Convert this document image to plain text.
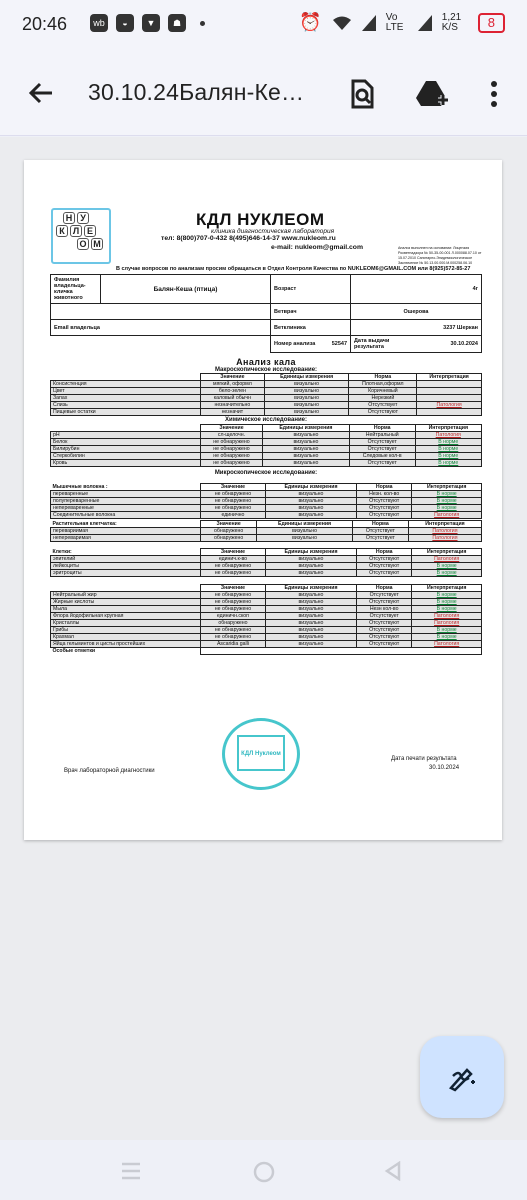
20:46	wb	◒	▼	☗	⏰	Vo LTE
1,21 K/S	8
30.10.24Балян-Ке…
Н У
К Л Е
О М
КДЛ НУКЛЕОМ
клиника диагностическая лаборатория
тел: 8(800)707-0-432 8(495)646-14-37 www.nukleom.ru
e-mail: nukleom@gmail.com	Анализ выполнен на основании: Лицензия Росветнадзора № 50-35-00-001 Л.000088.07.10 от 15.07.2010 Санитарно-Эпидемиологическое Заключение № 50.13.00.000.М.000258.06.10
В случае вопросов по анализам просим обращаться в Отдел Контроля Качества по NUKLEOM6@GMAIL.COM или 8(925)572-85-27
Фамилия владельца-кличка животного	Балян-Кеша (птица)	Возраст	4г
		Ветврач	Ошерова
Email владельца		Ветклиника	3237 Шеркан
		Номер анализа 52547	Дата выдачи результата 30.10.2024
Анализ кала
Макроскопическое исследование:
	Значение	Единицы измерения	Норма	Интерпретация
Консистенция	мягкий, оформл	визуально	Плотная,оформл	
Цвет	бело-зелен	визуально	Коричневый	
Запах	каловый обычн	визуально	Нерезкий	
Слизь	незначительно	визуально	Отсутствует	Патология
Пищевые остатки	незначит	визуально	Отсутствуют	
Химическое исследование:
	Значение	Единицы измерения	Норма	Интерпретация
pH	сл-щелочн.	визуально	Нейтральный	Патология
Белок	не обнаружено	визуально	Отсутствует	В норме
Билирубин	не обнаружено	визуально	Отсутствует	В норме
Стеркобилин	не обнаружено	визуально	Следовые кол-в	В норме
Кровь	не обнаружено	визуально	Отсутствует	В норме
Микроскопическое исследование:
Мышечные волокна :	Значение	Единицы измерения	Норма	Интерпретация
переваренные	не обнаружено	визуально	Незн. кол-во	В норме
полупереваренные	не обнаружено	визуально	Отсутствуют	В норме
непереваренные	не обнаружено	визуально	Отсутствуют	В норме
Соединительные волокна	единично	визуально	Отсутствуют	Патология
Растительная клетчатка:	Значение	Единицы измерения	Норма	Интерпретация
перевариимая	обнаружено	визуально	Отсутствует	Патология
непереваримая	обнаружено	визуально	Отсутствует	Патология
Клетки:	Значение	Единицы измерения	Норма	Интерпретация
эпителий	единич.к-во	визуально	Отсутствуют	Патология
лейкоциты	не обнаружено	визуально	Отсутствуют	В норме
эритроциты	не обнаружено	визуально	Отсутствуют	В норме
	Значение	Единицы измерения	Норма	Интерпретация
Нейтральный жир	не обнаружено	визуально	Отсутствует	В норме
Жирные кислоты	не обнаружено	визуально	Отсутствуют	В норме
Мыла	не обнаружено	визуально	Незн кол-во	В норме
Флора йодофильная крупная	единичн.скоп	визуально	Отсутствует	Патология
Кристаллы	обнаружено	визуально	Отсутствуют	Патология
Грибы	не обнаружено	визуально	Отсутствуют	В норме
Крахмал	не обнаружено	визуально	Отсутствуют	В норме
Яйца гельминтов и цисты простейших	Ascaridia galli	визуально	Отсутствуют	Патология
Особые отметки				
КДЛ Нуклеом
Врач лабораторной диагностики
Дата печати результата
30.10.2024
